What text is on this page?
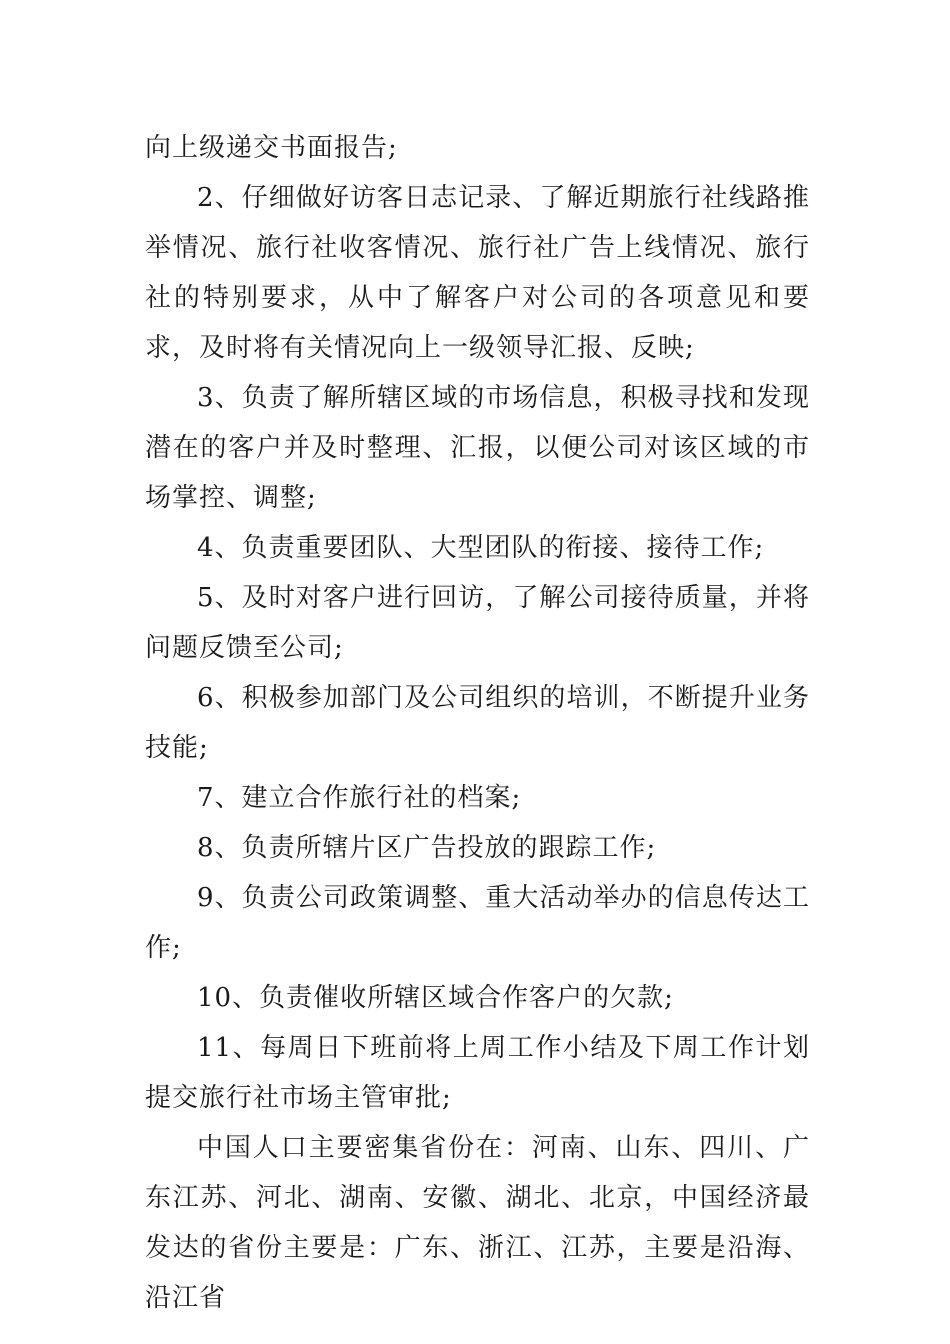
向上级递交书面报告;

2、仔细做好访客日志记录、了解近期旅行社线路推举情况、旅行社收客情况、旅行社广告上线情况、旅行社的特别要求，从中了解客户对公司的各项意见和要求，及时将有关情况向上一级领导汇报、反映;

3、负责了解所辖区域的市场信息，积极寻找和发现潜在的客户并及时整理、汇报，以便公司对该区域的市场掌控、调整;

4、负责重要团队、大型团队的衔接、接待工作;

5、及时对客户进行回访，了解公司接待质量，并将问题反馈至公司;

6、积极参加部门及公司组织的培训，不断提升业务技能;

7、建立合作旅行社的档案;

8、负责所辖片区广告投放的跟踪工作;

9、负责公司政策调整、重大活动举办的信息传达工作;

10、负责催收所辖区域合作客户的欠款;

11、每周日下班前将上周工作小结及下周工作计划提交旅行社市场主管审批;

中国人口主要密集省份在：河南、山东、四川、广东江苏、河北、湖南、安徽、湖北、北京，中国经济最发达的省份主要是：广东、浙江、江苏，主要是沿海、沿江省
